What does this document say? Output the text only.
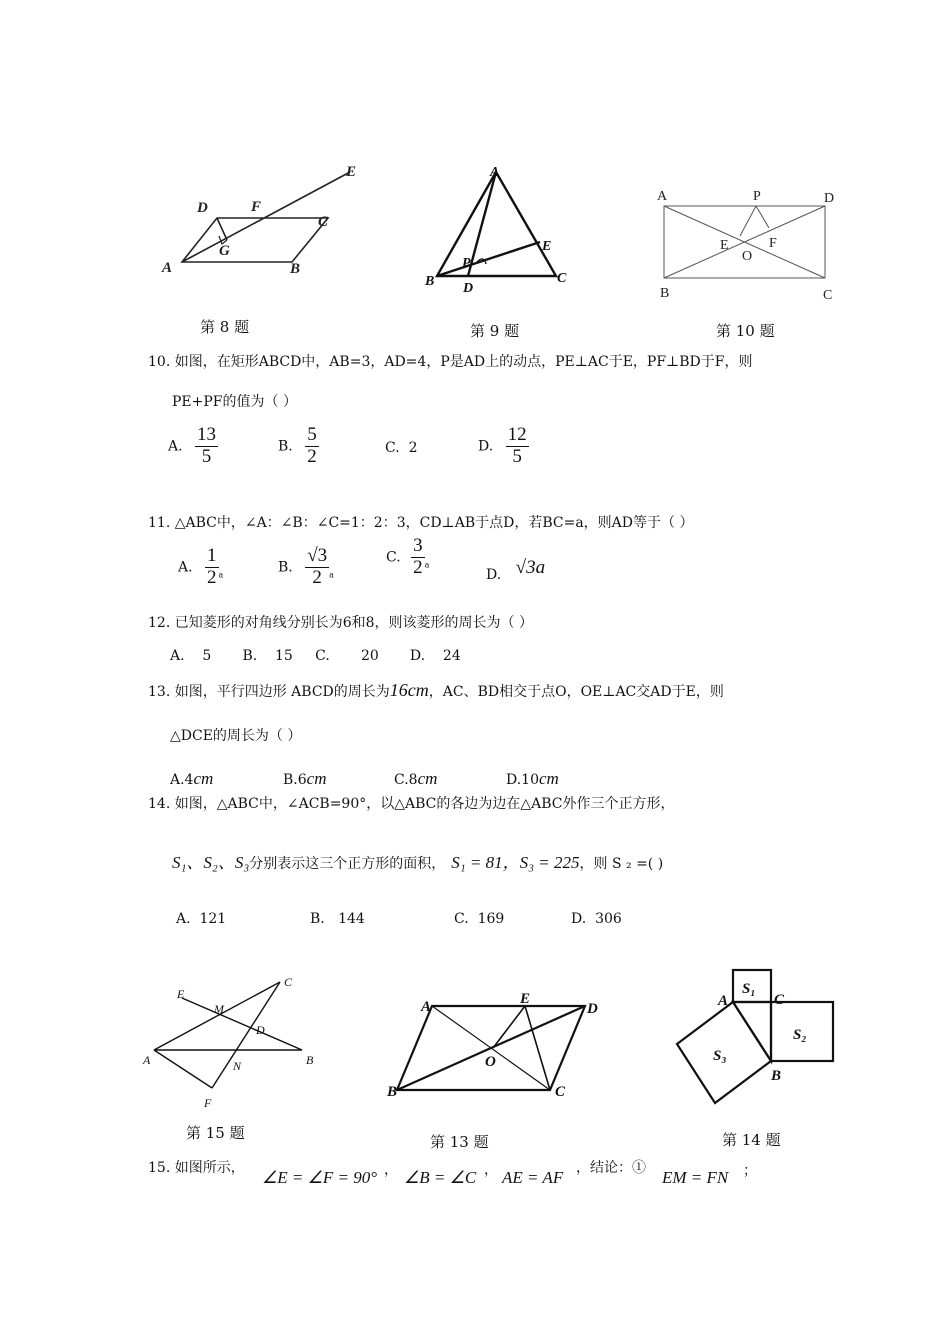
A	B
C
D
E
F
G
第 8 题
A
B	C
D
E
P
第 9 题
A	P	D
B	C
E	F
O
第 10 题
10. 如图，在矩形ABCD中，AB=3，AD=4，P是AD上的动点，PE⊥AC于E，PF⊥BD于F，则
PE+PF的值为（ ）
A. $\frac{13}{5}$	B. $\frac{5}{2}$	C. 2	D. $\frac{12}{5}$
11. △ABC中，∠A：∠B：∠C=1：2：3，CD⊥AB于点D，若BC=a，则AD等于（ ）
A. $\frac{1}{2} _a$	B. $\frac{√3}{2} _a$
C. $\frac{3}{2} _a$
D. √3a
12. 已知菱形的对角线分别长为6和8，则该菱形的周长为（ ）
A. 5 B. 15 C. 20 D. 24
13. 如图，平行四边形 ABCD的周长为16cm，AC、BD相交于点O，OE⊥AC交AD于E，则
△DCE的周长为（ ）
A.4cm	B.6cm	C.8cm	D.10cm
14. 如图，△ABC中，∠ACB=90°，以△ABC的各边为边在△ABC外作三个正方形，
S₁、S₂、S₃分别表示这三个正方形的面积， S₁ = 81，S₃ = 225，则 S ₂ =( )
A. 121	B. 144	C. 169	D. 306
A	B
C
D
E
F
M
N
第 15 题
A
B	C
D
E
O
第 13 题
S₁
S₂
S₃
A	C
B
第 14 题
15. 如图所示， ∠E = ∠F = 90° ， ∠B = ∠C ， AE = AF ，结论：① EM = FN ；
